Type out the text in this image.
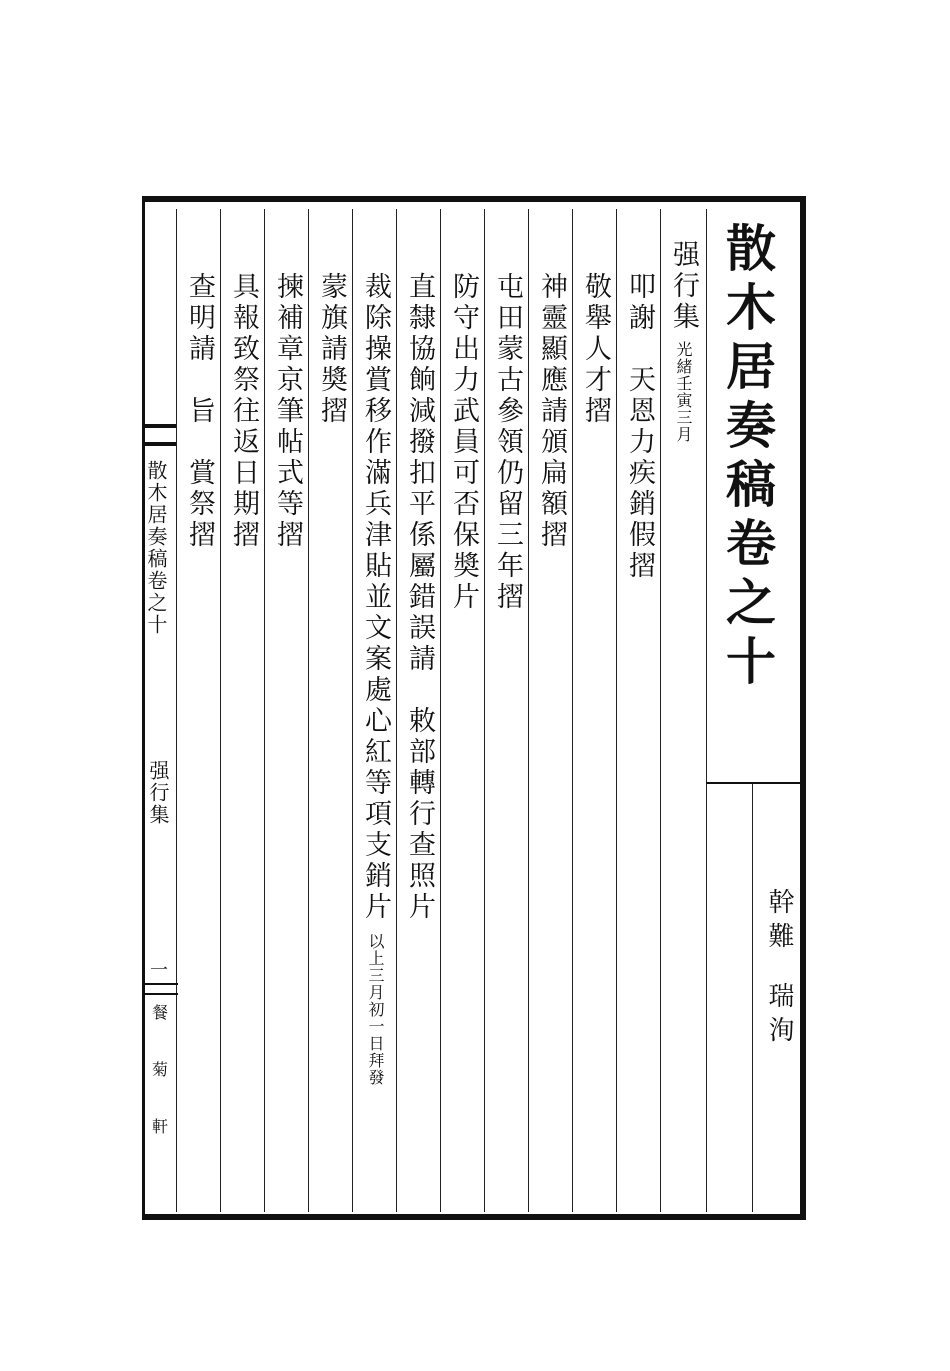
散木居奏稿卷之十
幹難
瑞洵
强行集光緒壬寅三月
叩謝　天恩力疾銷假摺
敬舉人才摺
神靈顯應請頒扁額摺
屯田蒙古參領仍留三年摺
防守出力武員可否保奬片
直隸協餉減撥扣平係屬錯誤請　敕部轉行查照片
裁除操賞移作滿兵津貼並文案處心紅等項支銷片以上三月初一日拜發
蒙旗請奬摺
揀補章京筆帖式等摺
具報致祭往返日期摺
查明請　旨　賞祭摺
散木居奏稿卷之十
强行集
一
餐
菊
軒
